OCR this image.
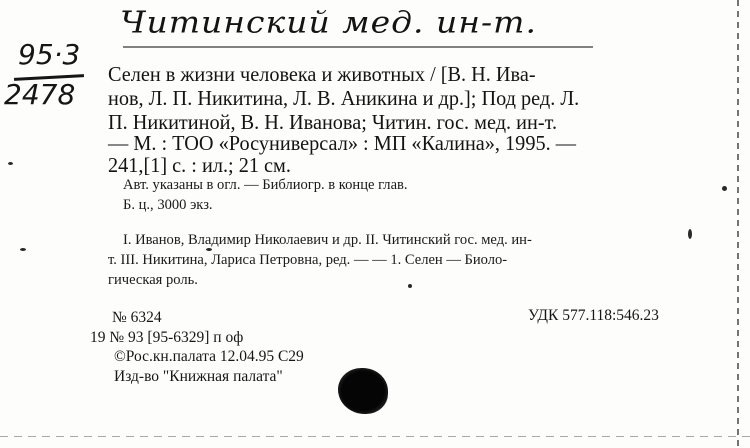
Читинский мед. ин-т.
95·3
2478
Селен в жизни человека и животных / [В. Н. Ива-
нов, Л. П. Никитина, Л. В. Аникина и др.]; Под ред. Л.
П. Никитиной, В. Н. Иванова; Читин. гос. мед. ин-т.
— М. : ТОО «Росуниверсал» : МП «Калина», 1995. —
241,[1] с. : ил.; 21 см.
Авт. указаны в огл. — Библиогр. в конце глав.
Б. ц., 3000 экз.
I. Иванов, Владимир Николаевич и др. II. Читинский гос. мед. ин-
т. III. Никитина, Лариса Петровна, ред. — — 1. Селен — Биоло-
гическая роль.
№ 6324	УДК 577.118:546.23
19 № 93 [95-6329] п оф
©Рос.кн.палата 12.04.95 С29
Изд-во "Книжная палата"
